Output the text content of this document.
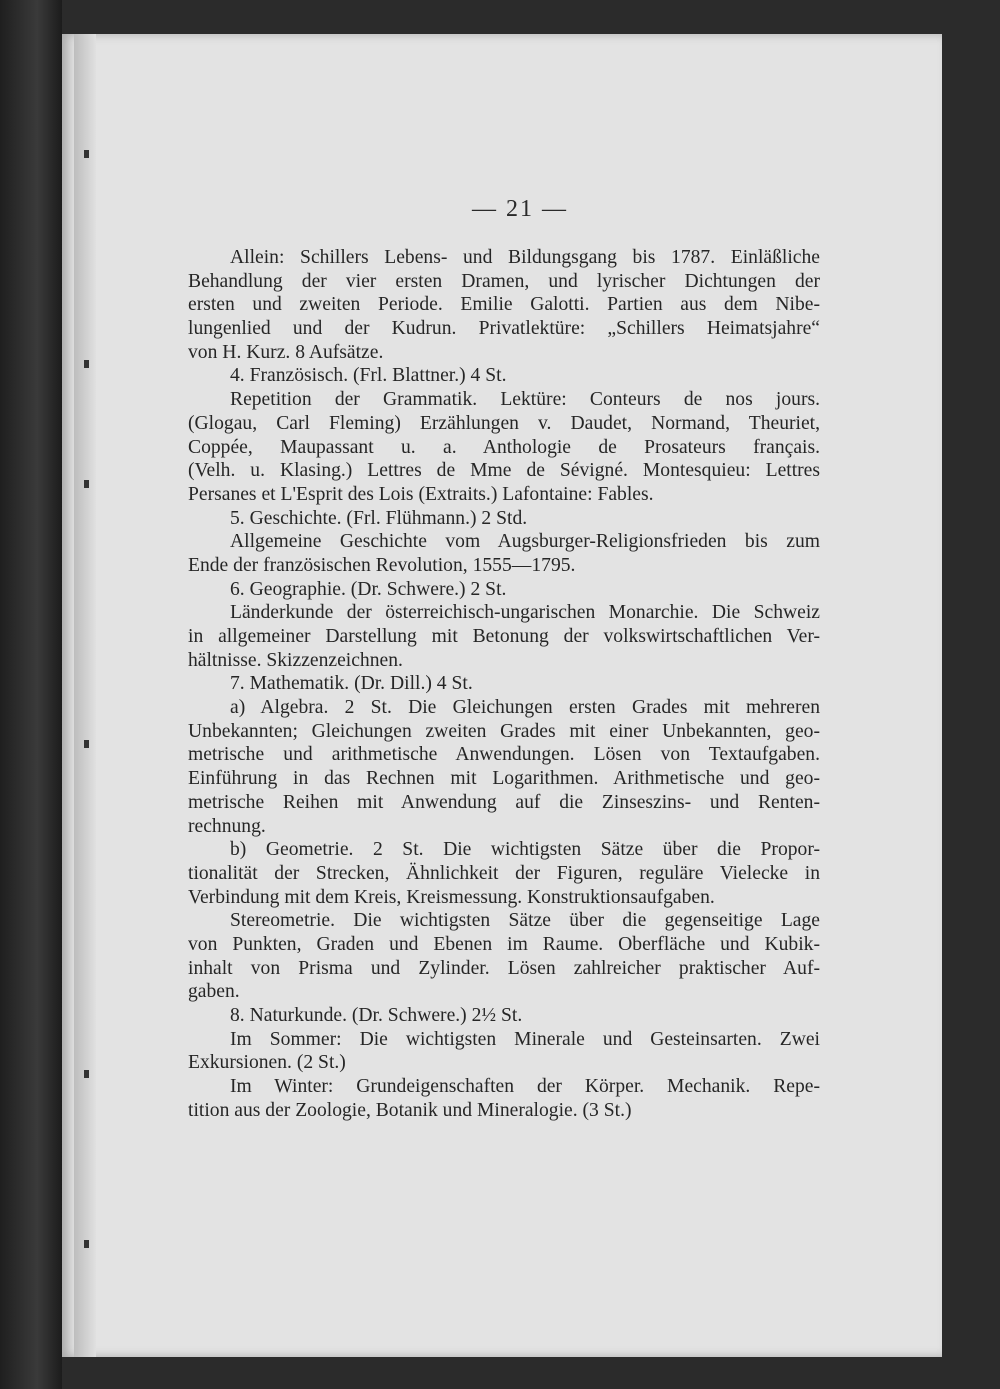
— 21 —
Allein: Schillers Lebens- und Bildungsgang bis 1787. Einläßliche
Behandlung der vier ersten Dramen, und lyrischer Dichtungen der
ersten und zweiten Periode. Emilie Galotti. Partien aus dem Nibe-
lungenlied und der Kudrun. Privatlektüre: „Schillers Heimatsjahre“
von H. Kurz. 8 Aufsätze.
4. Französisch. (Frl. Blattner.) 4 St.
Repetition der Grammatik. Lektüre: Conteurs de nos jours.
(Glogau, Carl Fleming) Erzählungen v. Daudet, Normand, Theuriet,
Coppée, Maupassant u. a. Anthologie de Prosateurs français.
(Velh. u. Klasing.) Lettres de Mme de Sévigné. Montesquieu: Lettres
Persanes et L'Esprit des Lois (Extraits.) Lafontaine: Fables.
5. Geschichte. (Frl. Flühmann.) 2 Std.
Allgemeine Geschichte vom Augsburger-Religionsfrieden bis zum
Ende der französischen Revolution, 1555—1795.
6. Geographie. (Dr. Schwere.) 2 St.
Länderkunde der österreichisch-ungarischen Monarchie. Die Schweiz
in allgemeiner Darstellung mit Betonung der volkswirtschaftlichen Ver-
hältnisse. Skizzenzeichnen.
7. Mathematik. (Dr. Dill.) 4 St.
a) Algebra. 2 St. Die Gleichungen ersten Grades mit mehreren
Unbekannten; Gleichungen zweiten Grades mit einer Unbekannten, geo-
metrische und arithmetische Anwendungen. Lösen von Textaufgaben.
Einführung in das Rechnen mit Logarithmen. Arithmetische und geo-
metrische Reihen mit Anwendung auf die Zinseszins- und Renten-
rechnung.
b) Geometrie. 2 St. Die wichtigsten Sätze über die Propor-
tionalität der Strecken, Ähnlichkeit der Figuren, reguläre Vielecke in
Verbindung mit dem Kreis, Kreismessung. Konstruktionsaufgaben.
Stereometrie. Die wichtigsten Sätze über die gegenseitige Lage
von Punkten, Graden und Ebenen im Raume. Oberfläche und Kubik-
inhalt von Prisma und Zylinder. Lösen zahlreicher praktischer Auf-
gaben.
8. Naturkunde. (Dr. Schwere.) 2½ St.
Im Sommer: Die wichtigsten Minerale und Gesteinsarten. Zwei
Exkursionen. (2 St.)
Im Winter: Grundeigenschaften der Körper. Mechanik. Repe-
tition aus der Zoologie, Botanik und Mineralogie. (3 St.)
